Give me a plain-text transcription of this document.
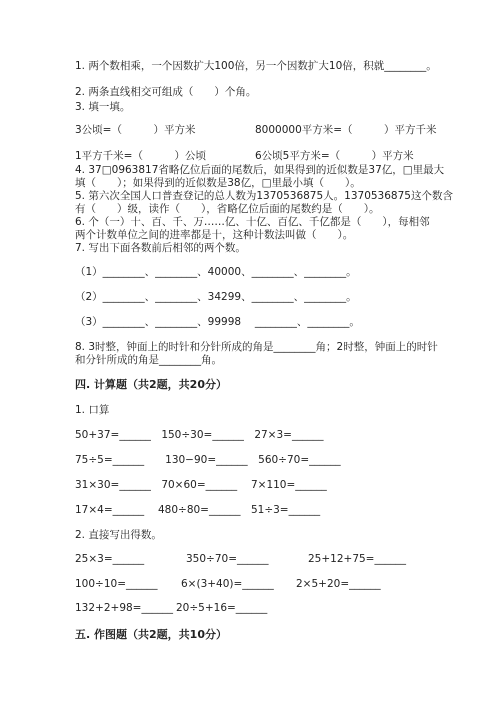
1. 两个数相乘，一个因数扩大100倍，另一个因数扩大10倍，积就________。
2. 两条直线相交可组成（　　）个角。
3. 填一填。
3公顷=（　　　）平方米	8000000平方米=（　　　）平方千米
1平方千米=（　　　）公顷	6公顷5平方米=（　　　）平方米
4. 37□0963817省略亿位后面的尾数后，如果得到的近似数是37亿，□里最大
填（　　）；如果得到的近似数是38亿，□里最小填（　　）。
5. 第六次全国人口普查登记的总人数为1370536875人。1370536875这个数含
有（　　）级，读作（　　），省略亿位后面的尾数约是（　　）。
6. 个（一）十、百、千、万……亿、十亿、百亿、千亿都是（　　），每相邻
两个计数单位之间的进率都是十，这种计数法叫做（　　）。
7. 写出下面各数前后相邻的两个数。
（1）________、________、40000、________、________。
（2）________、________、34299、________、________。
（3）________、________、99998　 ________、________。
8. 3时整，钟面上的时针和分针所成的角是________角；2时整，钟面上的时针
和分针所成的角是________角。
四. 计算题（共2题，共20分）
1. 口算
50+37=______　150÷30=______　27×3=______
75÷5=______　　130−90=______　560÷70=______
31×30=______　70×60=______　 7×110=______
17×4=______　 480÷80=______　51÷3=______
2. 直接写出得数。
25×3=______	350÷70=______	25+12+75=______
100÷10=______ 6×(3+40)=______ 2×5+20=______
132+2+98=______ 20÷5+16=______
五. 作图题（共2题，共10分）
